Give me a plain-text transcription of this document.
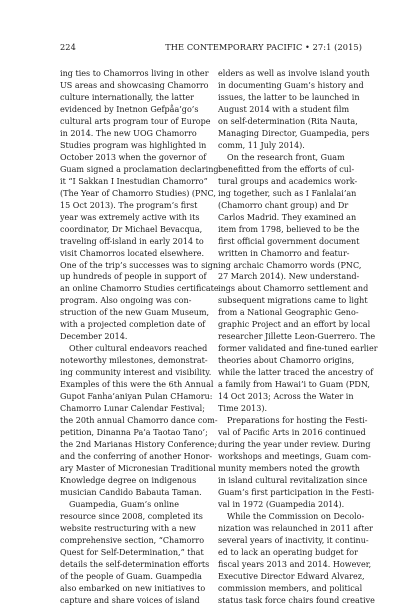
224	THE CONTEMPORARY PACIFIC • 27:1 (2015)
ing ties to Chamorros living in other
US areas and showcasing Chamorro
culture internationally, the latter
evidenced by Inetnon Gefpåa’go’s
cultural arts program tour of Europe
in 2014. The new UOG Chamorro
Studies program was highlighted in
October 2013 when the governor of
Guam signed a proclamation declaring
it “I Sakkan I Inestudian Chamorro”
(The Year of Chamorro Studies) (PNC,
15 Oct 2013). The program’s first
year was extremely active with its
coordinator, Dr Michael Bevacqua,
traveling off-island in early 2014 to
visit Chamorros located elsewhere.
One of the trip’s successes was to sign
up hundreds of people in support of
an online Chamorro Studies certificate
program. Also ongoing was con-
struction of the new Guam Museum,
with a projected completion date of
December 2014.
Other cultural endeavors reached
noteworthy milestones, demonstrat-
ing community interest and visibility.
Examples of this were the 6th Annual
Gupot Fanha’aniyan Pulan CHamoru:
Chamorro Lunar Calendar Festival;
the 20th annual Chamorro dance com-
petition, Dinanna Pa’a Taotao Tano’;
the 2nd Marianas History Conference;
and the conferring of another Honor-
ary Master of Micronesian Traditional
Knowledge degree on indigenous
musician Candido Babauta Taman.
Guampedia, Guam’s online
resource since 2008, completed its
website restructuring with a new
comprehensive section, “Chamorro
Quest for Self-Determination,” that
details the self-determination efforts
of the people of Guam. Guampedia
also embarked on new initiatives to
capture and share voices of island
elders as well as involve island youth
in documenting Guam’s history and
issues, the latter to be launched in
August 2014 with a student film
on self-determination (Rita Nauta,
Managing Director, Guampedia, pers
comm, 11 July 2014).
On the research front, Guam
benefitted from the efforts of cul-
tural groups and academics work-
ing together, such as I Fanlalai’an
(Chamorro chant group) and Dr
Carlos Madrid. They examined an
item from 1798, believed to be the
first official government document
written in Chamorro and featur-
ing archaic Chamorro words (PNC,
27 March 2014). New understand-
ings about Chamorro settlement and
subsequent migrations came to light
from a National Geographic Geno-
graphic Project and an effort by local
researcher Jillette Leon-Guerrero. The
former validated and fine-tuned earlier
theories about Chamorro origins,
while the latter traced the ancestry of
a family from Hawai’i to Guam (PDN,
14 Oct 2013; Across the Water in
Time 2013).
Preparations for hosting the Festi-
val of Pacific Arts in 2016 continued
during the year under review. During
workshops and meetings, Guam com-
munity members noted the growth
in island cultural revitalization since
Guam’s first participation in the Festi-
val in 1972 (Guampedia 2014).
While the Commission on Decolo-
nization was relaunched in 2011 after
several years of inactivity, it continu-
ed to lack an operating budget for
fiscal years 2013 and 2014. However,
Executive Director Edward Alvarez,
commission members, and political
status task force chairs found creative
